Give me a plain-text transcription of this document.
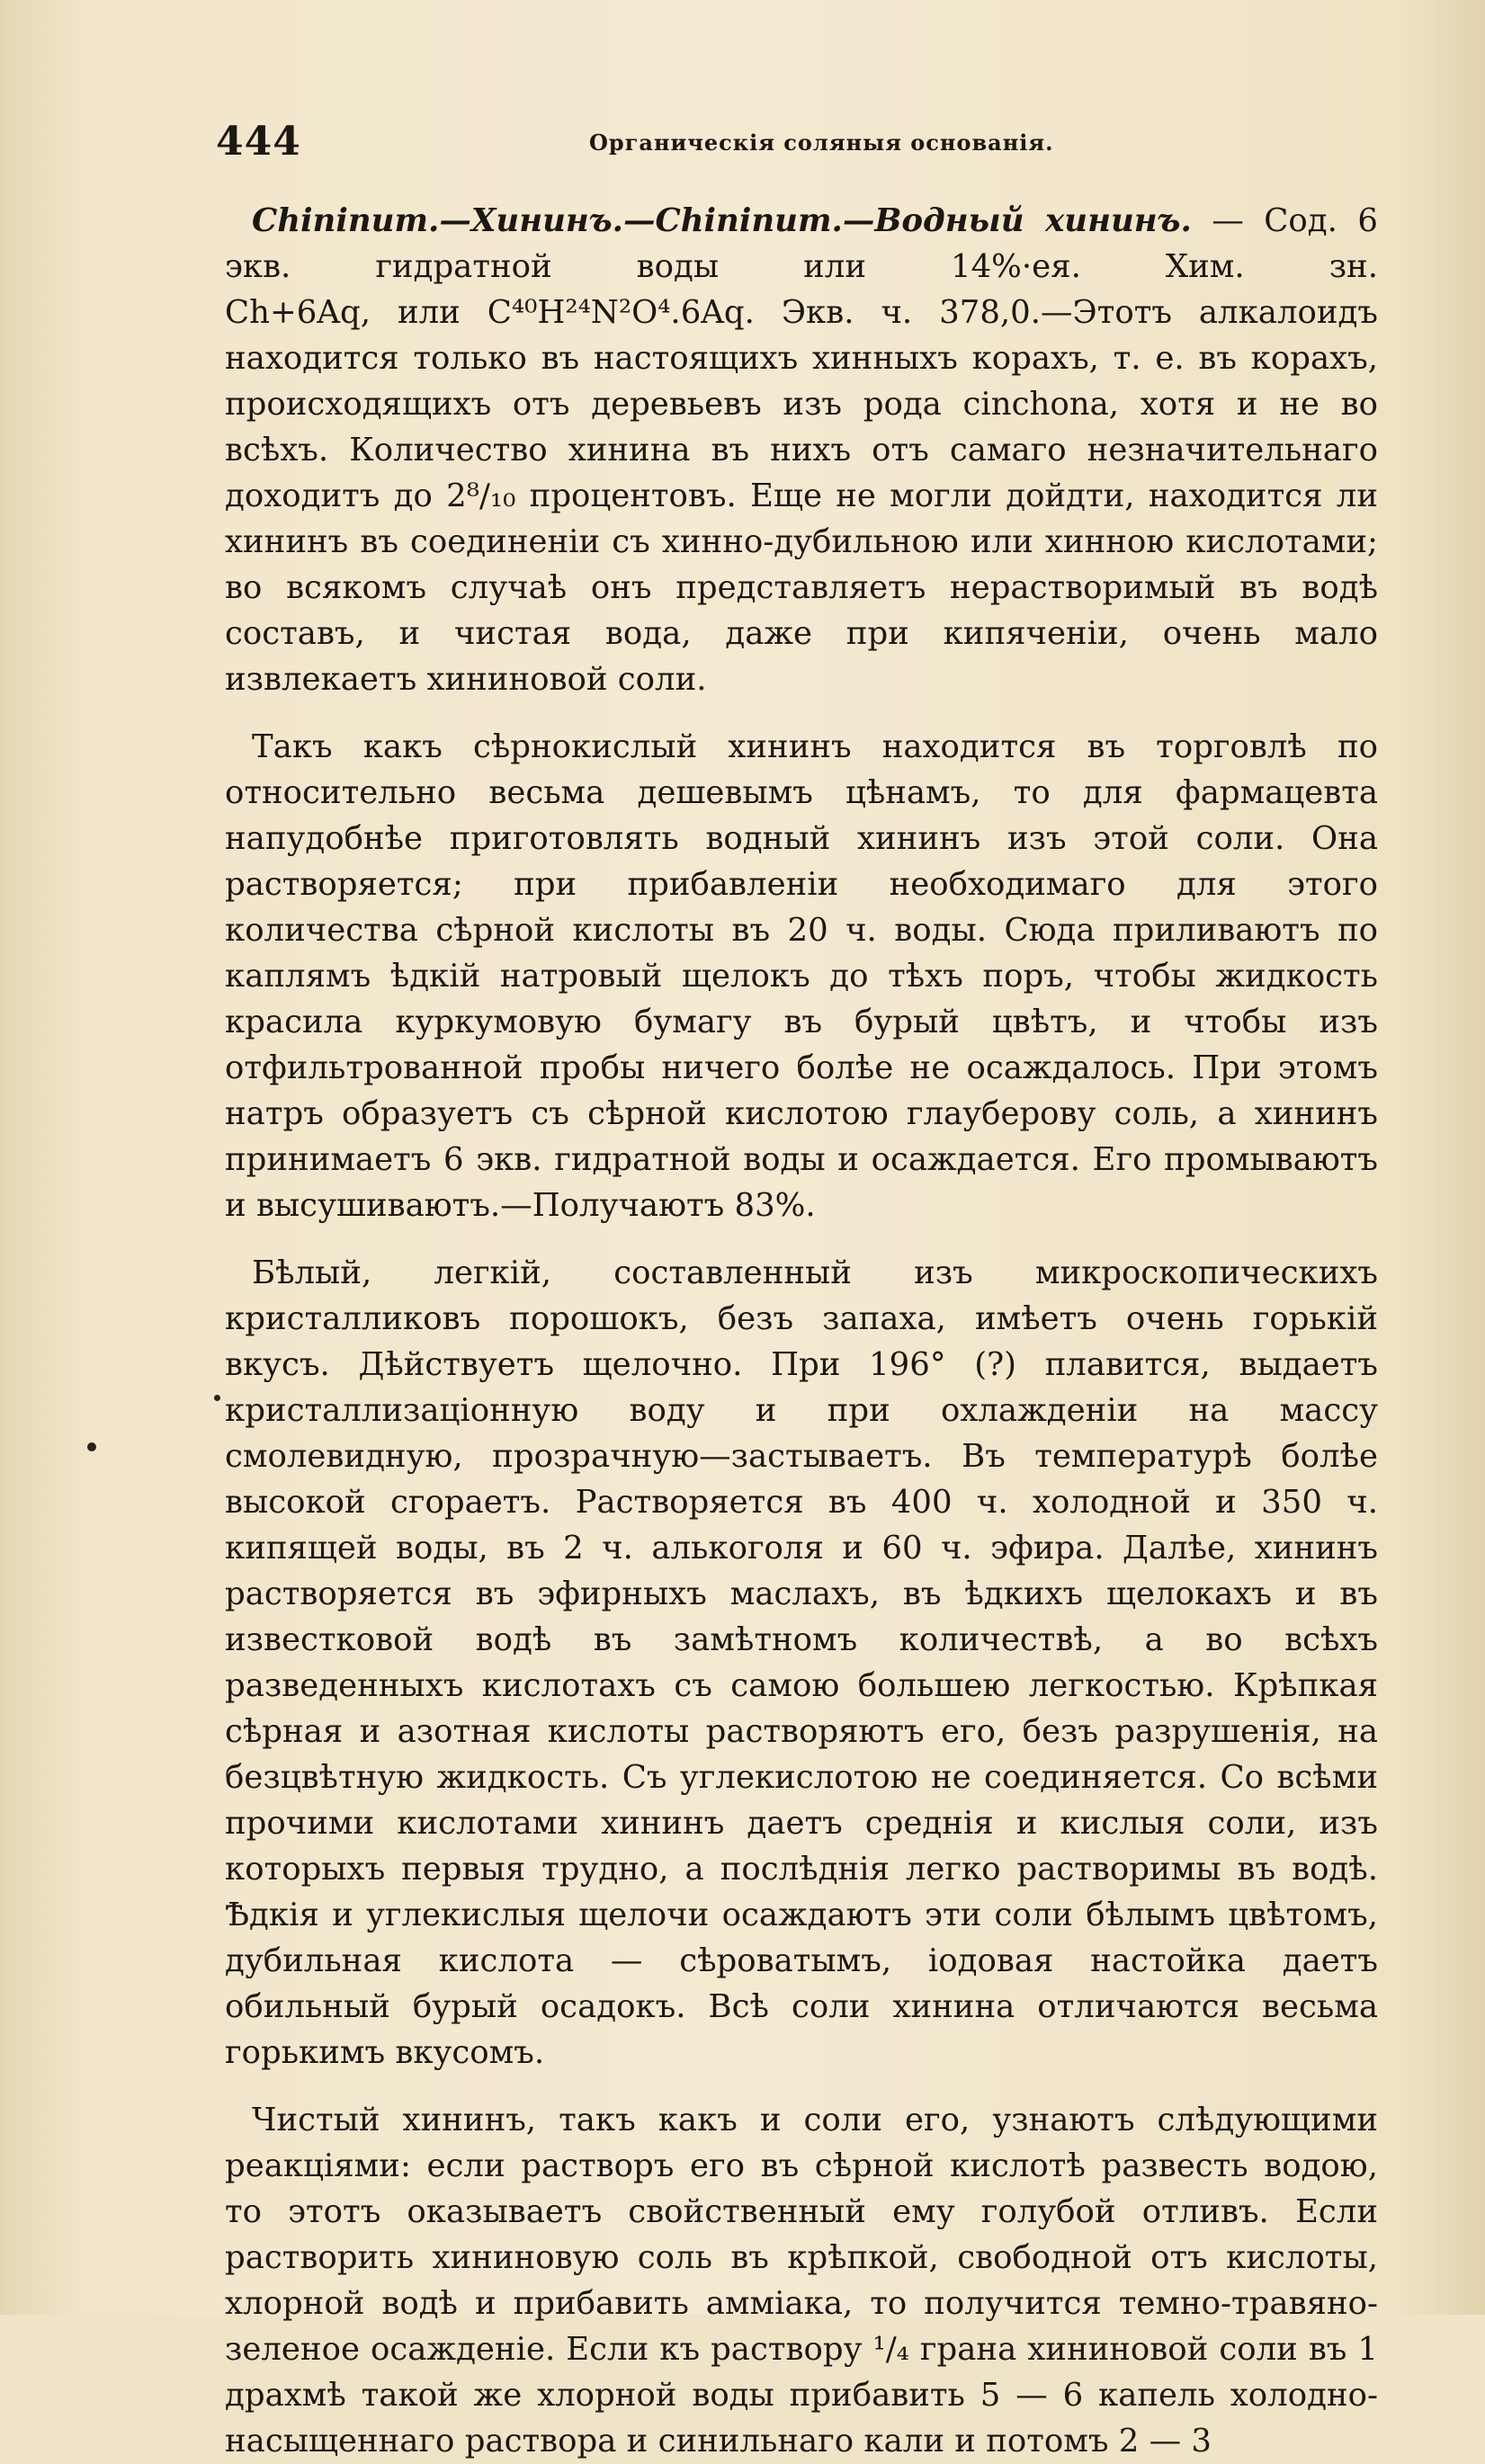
444	Органическія соляныя основанія.

Chininum.—Хининъ.—Chininum.—Водный хининъ. — Сод. 6 экв. гидратной воды или 14%·ея. Хим. зн. Ch+6Aq, или C⁴⁰H²⁴N²O⁴.6Aq. Экв. ч. 378,0.—Этотъ алкалоидъ находится только въ настоящихъ хинныхъ корахъ, т. е. въ корахъ, происходящихъ отъ деревьевъ изъ рода cinchona, хотя и не во всѣхъ. Количество хинина въ нихъ отъ самаго незначительнаго доходитъ до 2⁸/₁₀ процентовъ. Еще не могли дойдти, находится ли хининъ въ соединеніи съ хинно-дубильною или хинною кислотами; во всякомъ случаѣ онъ представляетъ нерастворимый въ водѣ составъ, и чистая вода, даже при кипяченіи, очень мало извлекаетъ хининовой соли.

Такъ какъ сѣрнокислый хининъ находится въ торговлѣ по относительно весьма дешевымъ цѣнамъ, то для фармацевта напудобнѣе приготовлять водный хининъ изъ этой соли. Она растворяется; при прибавленіи необходимаго для этого количества сѣрной кислоты въ 20 ч. воды. Сюда приливаютъ по каплямъ ѣдкій натровый щелокъ до тѣхъ поръ, чтобы жидкость красила куркумовую бумагу въ бурый цвѣтъ, и чтобы изъ отфильтрованной пробы ничего болѣе не осаждалось. При этомъ натръ образуетъ съ сѣрной кислотою глауберову соль, а хининъ принимаетъ 6 экв. гидратной воды и осаждается. Его промываютъ и высушиваютъ.—Получаютъ 83%.

Бѣлый, легкій, составленный изъ микроскопическихъ кристалликовъ порошокъ, безъ запаха, имѣетъ очень горькій вкусъ. Дѣйствуетъ щелочно. При 196° (?) плавится, выдаетъ кристаллизаціонную воду и при охлажденіи на массу смолевидную, прозрачную—застываетъ. Въ температурѣ болѣе высокой сгораетъ. Растворяется въ 400 ч. холодной и 350 ч. кипящей воды, въ 2 ч. алькоголя и 60 ч. эфира. Далѣе, хининъ растворяется въ эфирныхъ маслахъ, въ ѣдкихъ щелокахъ и въ известковой водѣ въ замѣтномъ количествѣ, а во всѣхъ разведенныхъ кислотахъ съ самою большею легкостью. Крѣпкая сѣрная и азотная кислоты растворяютъ его, безъ разрушенія, на безцвѣтную жидкость. Съ углекислотою не соединяется. Со всѣми прочими кислотами хининъ даетъ среднія и кислыя соли, изъ которыхъ первыя трудно, а послѣднія легко растворимы въ водѣ. Ѣдкія и углекислыя щелочи осаждаютъ эти соли бѣлымъ цвѣтомъ, дубильная кислота — сѣроватымъ, іодовая настойка даетъ обильный бурый осадокъ. Всѣ соли хинина отличаются весьма горькимъ вкусомъ.

Чистый хининъ, такъ какъ и соли его, узнаютъ слѣдующими реакціями: если растворъ его въ сѣрной кислотѣ развесть водою, то этотъ оказываетъ свойственный ему голубой отливъ. Если растворить хининовую соль въ крѣпкой, свободной отъ кислоты, хлорной водѣ и прибавить амміака, то получится темно-травяно-зеленое осажденіе. Если къ раствору ¹/₄ грана хининовой соли въ 1 драхмѣ такой же хлорной воды прибавить 5 — 6 капель холодно-насыщеннаго раствора и синильнаго кали и потомъ 2 — 3
